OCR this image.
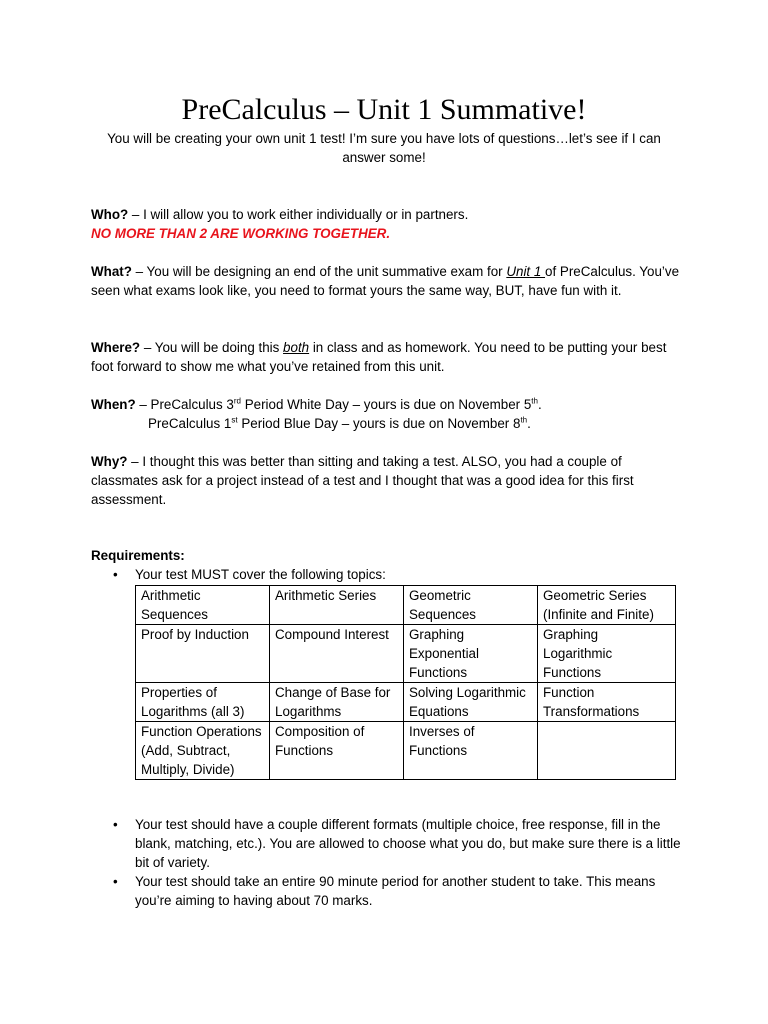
PreCalculus – Unit 1 Summative!
You will be creating your own unit 1 test! I’m sure you have lots of questions…let’s see if I can answer some!
Who? – I will allow you to work either individually or in partners.
NO MORE THAN 2 ARE WORKING TOGETHER.
What? – You will be designing an end of the unit summative exam for Unit 1 of PreCalculus. You’ve seen what exams look like, you need to format yours the same way, BUT, have fun with it.
Where? – You will be doing this both in class and as homework. You need to be putting your best foot forward to show me what you’ve retained from this unit.
When? – PreCalculus 3rd Period White Day – yours is due on November 5th.
PreCalculus 1st Period Blue Day – yours is due on November 8th.
Why? – I thought this was better than sitting and taking a test. ALSO, you had a couple of classmates ask for a project instead of a test and I thought that was a good idea for this first assessment.
Requirements:
• Your test MUST cover the following topics:
Arithmetic Sequences	Arithmetic Series	Geometric Sequences	Geometric Series (Infinite and Finite)
Proof by Induction	Compound Interest	Graphing Exponential Functions	Graphing Logarithmic Functions
Properties of Logarithms (all 3)	Change of Base for Logarithms	Solving Logarithmic Equations	Function Transformations
Function Operations (Add, Subtract, Multiply, Divide)	Composition of Functions	Inverses of Functions	
• Your test should have a couple different formats (multiple choice, free response, fill in the blank, matching, etc.). You are allowed to choose what you do, but make sure there is a little bit of variety.
• Your test should take an entire 90 minute period for another student to take. This means you’re aiming to having about 70 marks.
